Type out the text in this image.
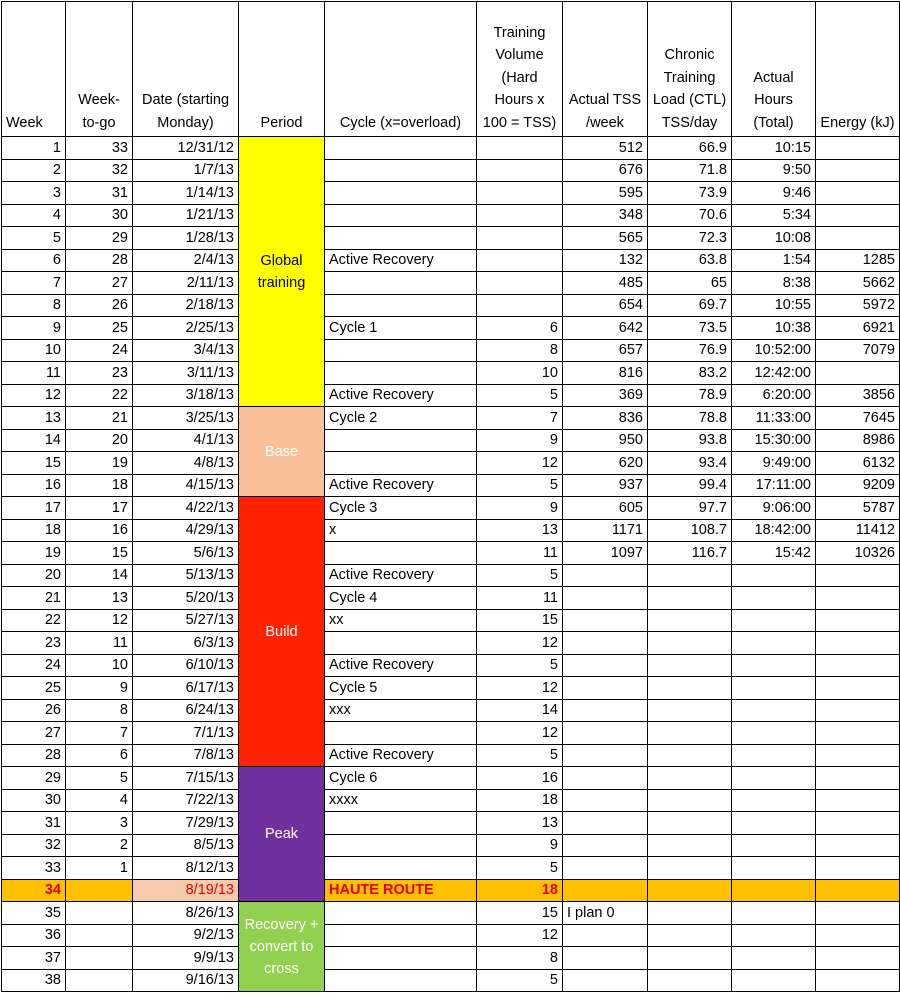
Week	Week-to-go	Date (starting Monday)	Period	Cycle (x=overload)	Training Volume (Hard Hours x 100 = TSS)	Actual TSS /week	Chronic Training Load (CTL) TSS/day	Actual Hours (Total)	Energy (kJ)
1	33	12/31/12	Global training			512	66.9	10:15	
2	32	1/7/13				676	71.8	9:50	
3	31	1/14/13				595	73.9	9:46	
4	30	1/21/13				348	70.6	5:34	
5	29	1/28/13				565	72.3	10:08	
6	28	2/4/13		Active Recovery		132	63.8	1:54	1285
7	27	2/11/13				485	65	8:38	5662
8	26	2/18/13				654	69.7	10:55	5972
9	25	2/25/13		Cycle 1	6	642	73.5	10:38	6921
10	24	3/4/13			8	657	76.9	10:52:00	7079
11	23	3/11/13			10	816	83.2	12:42:00	
12	22	3/18/13		Active Recovery	5	369	78.9	6:20:00	3856
13	21	3/25/13	Base	Cycle 2	7	836	78.8	11:33:00	7645
14	20	4/1/13			9	950	93.8	15:30:00	8986
15	19	4/8/13			12	620	93.4	9:49:00	6132
16	18	4/15/13		Active Recovery	5	937	99.4	17:11:00	9209
17	17	4/22/13	Build	Cycle 3	9	605	97.7	9:06:00	5787
18	16	4/29/13		x	13	1171	108.7	18:42:00	11412
19	15	5/6/13			11	1097	116.7	15:42	10326
20	14	5/13/13		Active Recovery	5				
21	13	5/20/13		Cycle 4	11				
22	12	5/27/13		xx	15				
23	11	6/3/13			12				
24	10	6/10/13		Active Recovery	5				
25	9	6/17/13		Cycle 5	12				
26	8	6/24/13		xxx	14				
27	7	7/1/13			12				
28	6	7/8/13		Active Recovery	5				
29	5	7/15/13	Peak	Cycle 6	16				
30	4	7/22/13		xxxx	18				
31	3	7/29/13			13				
32	2	8/5/13			9				
33	1	8/12/13			5				
34		8/19/13		HAUTE ROUTE	18				
35		8/26/13	Recovery + convert to cross		15	I plan 0			
36		9/2/13			12				
37		9/9/13			8				
38		9/16/13			5				
